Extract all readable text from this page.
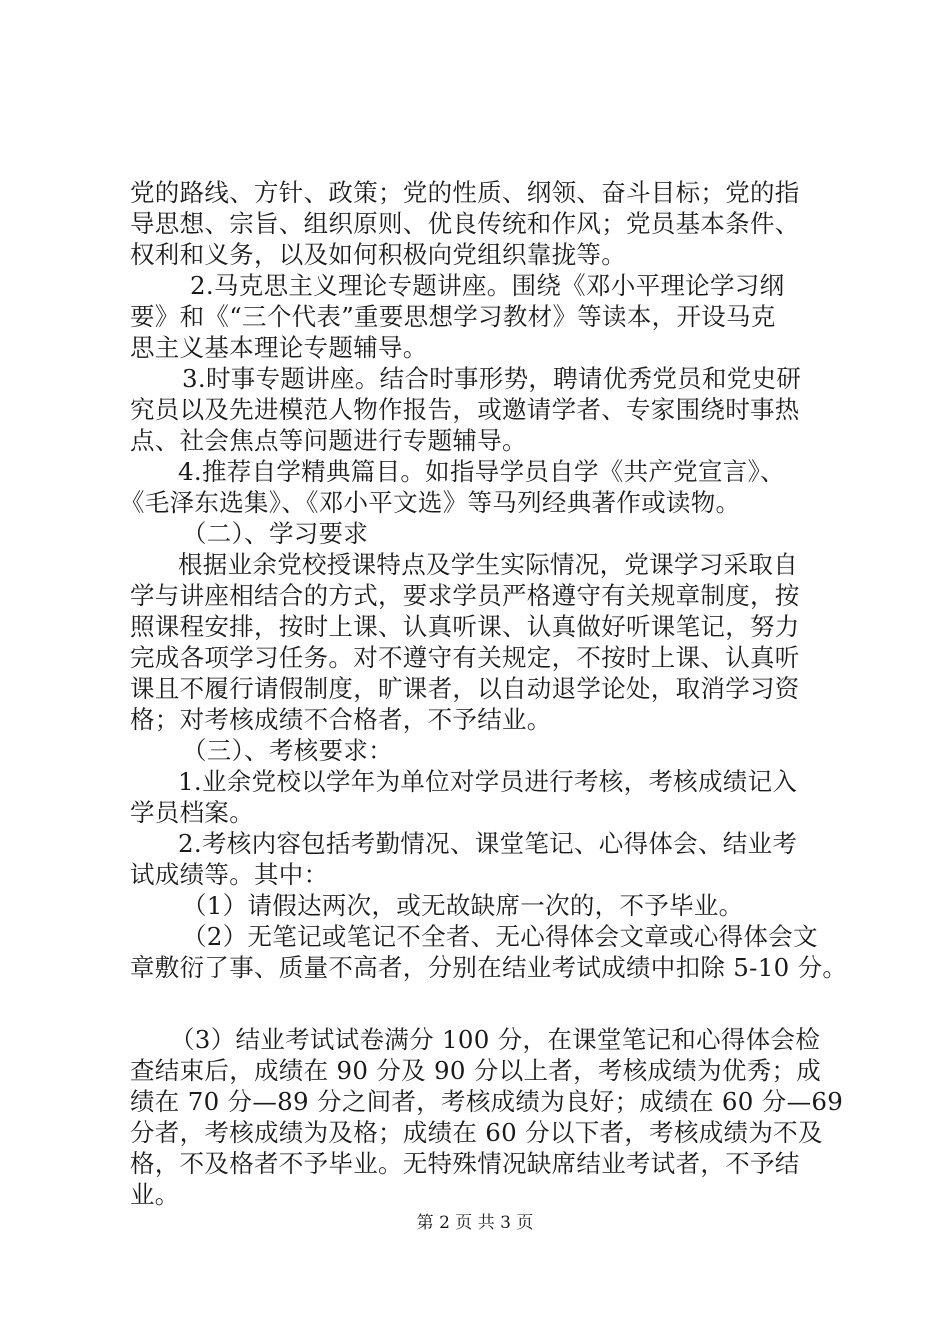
党的路线、方针、政策；党的性质、纲领、奋斗目标；党的指
导思想、宗旨、组织原则、优良传统和作风；党员基本条件、
权利和义务，以及如何积极向党组织靠拢等。
2.马克思主义理论专题讲座。围绕《邓小平理论学习纲
要》和《“三个代表”重要思想学习教材》等读本，开设马克
思主义基本理论专题辅导。
3.时事专题讲座。结合时事形势，聘请优秀党员和党史研
究员以及先进模范人物作报告，或邀请学者、专家围绕时事热
点、社会焦点等问题进行专题辅导。
4.推荐自学精典篇目。如指导学员自学《共产党宣言》、
《毛泽东选集》、《邓小平文选》等马列经典著作或读物。
（二）、学习要求
根据业余党校授课特点及学生实际情况，党课学习采取自
学与讲座相结合的方式，要求学员严格遵守有关规章制度，按
照课程安排，按时上课、认真听课、认真做好听课笔记，努力
完成各项学习任务。对不遵守有关规定，不按时上课、认真听
课且不履行请假制度，旷课者，以自动退学论处，取消学习资
格；对考核成绩不合格者，不予结业。
（三）、考核要求：
1.业余党校以学年为单位对学员进行考核，考核成绩记入
学员档案。
2.考核内容包括考勤情况、课堂笔记、心得体会、结业考
试成绩等。其中：
（1）请假达两次，或无故缺席一次的，不予毕业。
（2）无笔记或笔记不全者、无心得体会文章或心得体会文
章敷衍了事、质量不高者，分别在结业考试成绩中扣除 5-10 分。
（3）结业考试试卷满分 100 分，在课堂笔记和心得体会检
查结束后，成绩在 90 分及 90 分以上者，考核成绩为优秀；成
绩在 70 分—89 分之间者，考核成绩为良好；成绩在 60 分—69
分者，考核成绩为及格；成绩在 60 分以下者，考核成绩为不及
格，不及格者不予毕业。无特殊情况缺席结业考试者，不予结
业。
第 2 页 共 3 页
